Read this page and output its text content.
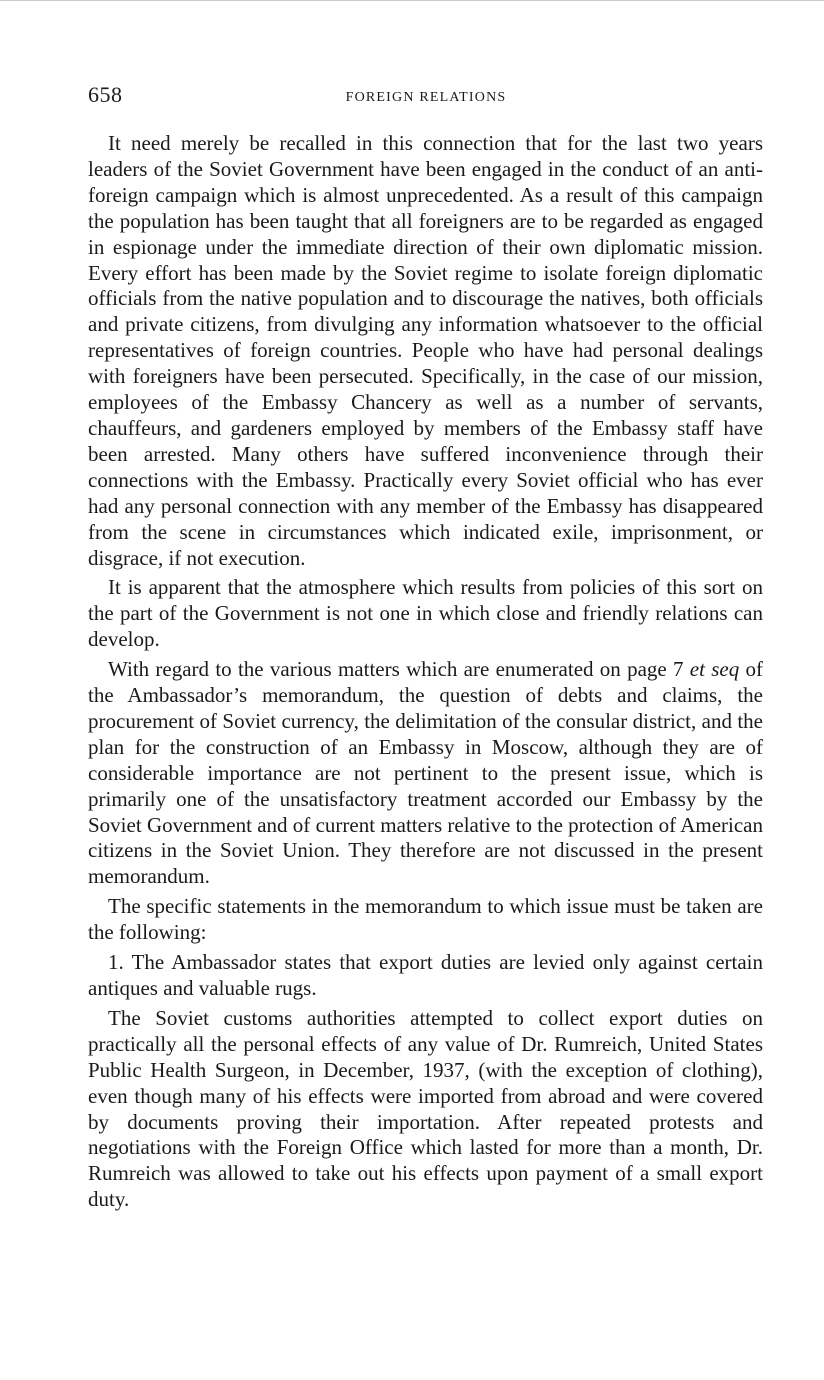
658	FOREIGN RELATIONS

It need merely be recalled in this connection that for the last two years leaders of the Soviet Government have been engaged in the conduct of an anti-foreign campaign which is almost unprecedented. As a result of this campaign the population has been taught that all foreigners are to be regarded as engaged in espionage under the immediate direction of their own diplomatic mission. Every effort has been made by the Soviet regime to isolate foreign diplomatic officials from the native population and to discourage the natives, both officials and private citizens, from divulging any information whatsoever to the official representatives of foreign countries. People who have had personal dealings with foreigners have been persecuted. Specifically, in the case of our mission, employees of the Embassy Chancery as well as a number of servants, chauffeurs, and gardeners employed by members of the Embassy staff have been arrested. Many others have suffered inconvenience through their connections with the Embassy. Practically every Soviet official who has ever had any personal connection with any member of the Embassy has disappeared from the scene in circumstances which indicated exile, imprisonment, or disgrace, if not execution.

It is apparent that the atmosphere which results from policies of this sort on the part of the Government is not one in which close and friendly relations can develop.

With regard to the various matters which are enumerated on page 7 et seq of the Ambassador’s memorandum, the question of debts and claims, the procurement of Soviet currency, the delimitation of the consular district, and the plan for the construction of an Embassy in Moscow, although they are of considerable importance are not pertinent to the present issue, which is primarily one of the unsatisfactory treatment accorded our Embassy by the Soviet Government and of current matters relative to the protection of American citizens in the Soviet Union. They therefore are not discussed in the present memorandum.

The specific statements in the memorandum to which issue must be taken are the following:

1. The Ambassador states that export duties are levied only against certain antiques and valuable rugs.

The Soviet customs authorities attempted to collect export duties on practically all the personal effects of any value of Dr. Rumreich, United States Public Health Surgeon, in December, 1937, (with the exception of clothing), even though many of his effects were imported from abroad and were covered by documents proving their importation. After repeated protests and negotiations with the Foreign Office which lasted for more than a month, Dr. Rumreich was allowed to take out his effects upon payment of a small export duty.
